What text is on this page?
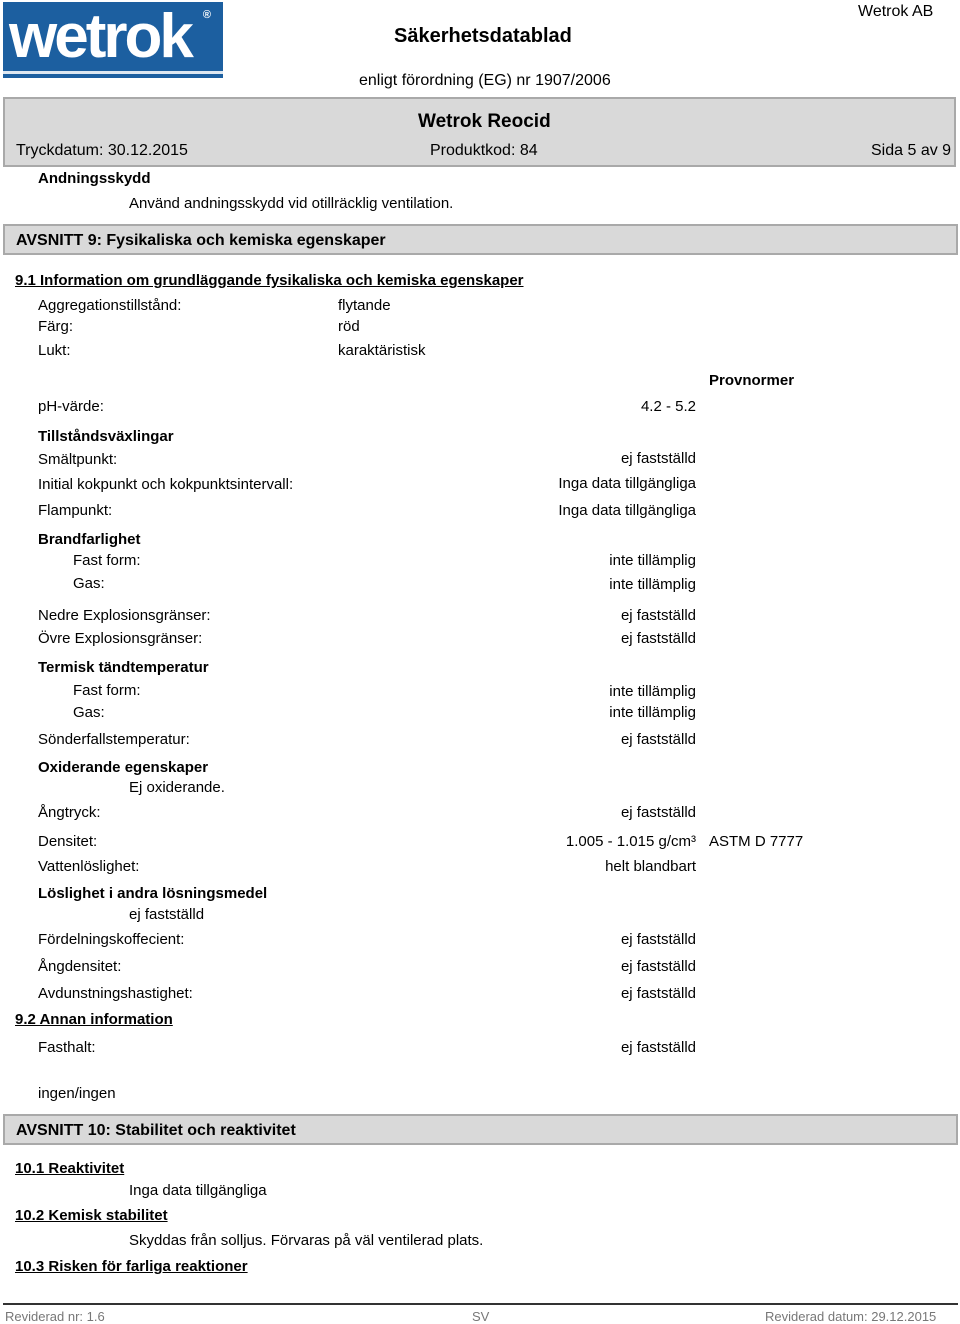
wetrok ®
Säkerhetsdatablad
Wetrok AB
enligt förordning (EG) nr 1907/2006
Wetrok Reocid
Tryckdatum: 30.12.2015	Produktkod: 84	Sida 5 av 9
Andningsskydd
Använd andningsskydd vid otillräcklig ventilation.
AVSNITT 9: Fysikaliska och kemiska egenskaper
9.1 Information om grundläggande fysikaliska och kemiska egenskaper
Aggregationstillstånd:	flytande
Färg:	röd
Lukt:	karaktäristisk
Provnormer
pH-värde:	4.2 - 5.2
Tillståndsväxlingar
Smältpunkt:	ej fastställd
Initial kokpunkt och kokpunktsintervall:	Inga data tillgängliga
Flampunkt:	Inga data tillgängliga
Brandfarlighet
Fast form:	inte tillämplig
Gas:	inte tillämplig
Nedre Explosionsgränser:	ej fastställd
Övre Explosionsgränser:	ej fastställd
Termisk tändtemperatur
Fast form:	inte tillämplig
Gas:	inte tillämplig
Sönderfallstemperatur:	ej fastställd
Oxiderande egenskaper
Ej oxiderande.
Ångtryck:	ej fastställd
Densitet:	1.005 - 1.015 g/cm³ ASTM D 7777
Vattenlöslighet:	helt blandbart
Löslighet i andra lösningsmedel
ej fastställd
Fördelningskoffecient:	ej fastställd
Ångdensitet:	ej fastställd
Avdunstningshastighet:	ej fastställd
9.2 Annan information
Fasthalt:	ej fastställd
ingen/ingen
AVSNITT 10: Stabilitet och reaktivitet
10.1 Reaktivitet
Inga data tillgängliga
10.2 Kemisk stabilitet
Skyddas från solljus. Förvaras på väl ventilerad plats.
10.3 Risken för farliga reaktioner
Reviderad nr: 1.6	SV	Reviderad datum: 29.12.2015
